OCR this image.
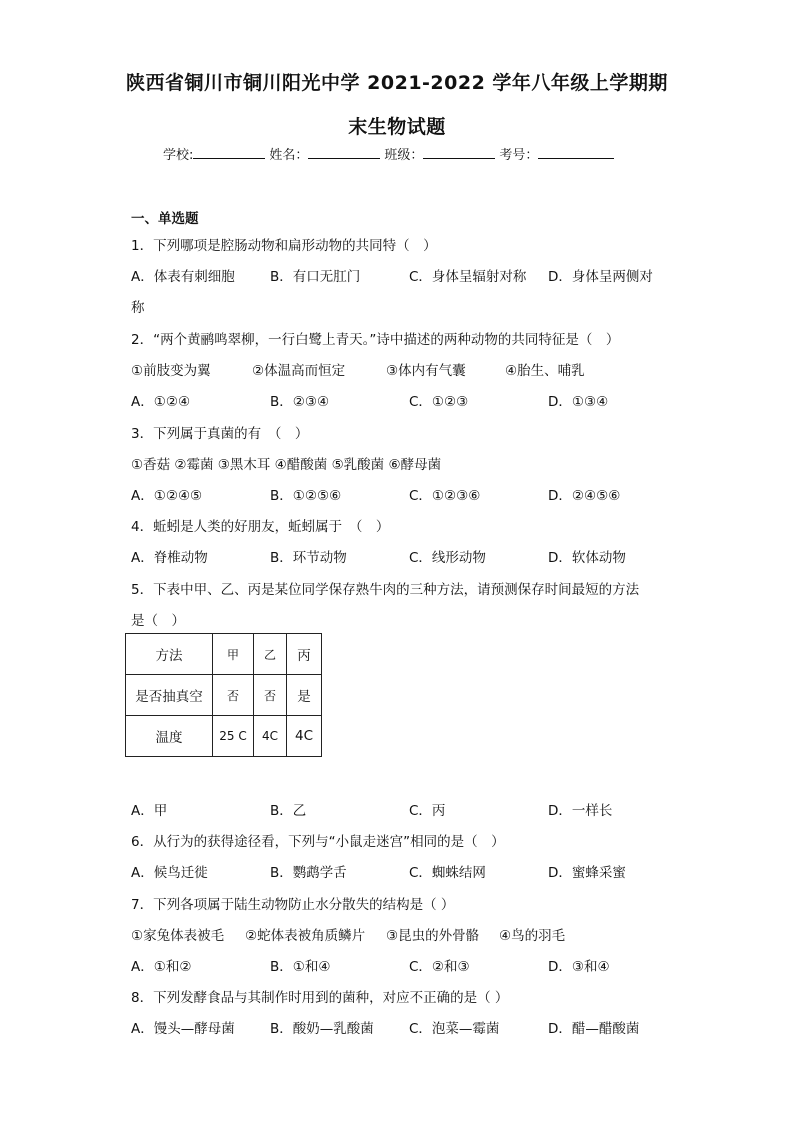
陕西省铜川市铜川阳光中学 2021-2022 学年八年级上学期期
末生物试题
学校:	姓名：	班级：	考号：
一、单选题
1．下列哪项是腔肠动物和扁形动物的共同特（　）
A．体表有刺细胞	B．有口无肛门	C．身体呈辐射对称 D．身体呈两侧对
称
2．“两个黄鹂鸣翠柳，一行白鹭上青天。”诗中描述的两种动物的共同特征是（　）
①前肢变为翼	②体温高而恒定	③体内有气囊	④胎生、哺乳
A．①②④	B．②③④	C．①②③	D．①③④
3．下列属于真菌的有　（　）
①香菇 ②霉菌 ③黑木耳 ④醋酸菌 ⑤乳酸菌 ⑥酵母菌
A．①②④⑤	B．①②⑤⑥	C．①②③⑥	D．②④⑤⑥
4．蚯蚓是人类的好朋友，蚯蚓属于　（　）
A．脊椎动物	B．环节动物	C．线形动物	D．软体动物
5．下表中甲、乙、丙是某位同学保存熟牛肉的三种方法，请预测保存时间最短的方法
是（　）
方法	甲	乙	丙
是否抽真空	否	否	是
温度	25 C	4C	4C
A．甲	B．乙	C．丙	D．一样长
6．从行为的获得途径看，下列与“小鼠走迷宫”相同的是（　）
A．候鸟迁徙	B．鹦鹉学舌	C．蜘蛛结网	D．蜜蜂采蜜
7．下列各项属于陆生动物防止水分散失的结构是（ ）
①家兔体表被毛 ②蛇体表被角质鳞片 ③昆虫的外骨骼 ④鸟的羽毛
A．①和②	B．①和④	C．②和③	D．③和④
8．下列发酵食品与其制作时用到的菌种，对应不正确的是（ ）
A．馒头—酵母菌	B．酸奶—乳酸菌	C．泡菜—霉菌	D．醋—醋酸菌
